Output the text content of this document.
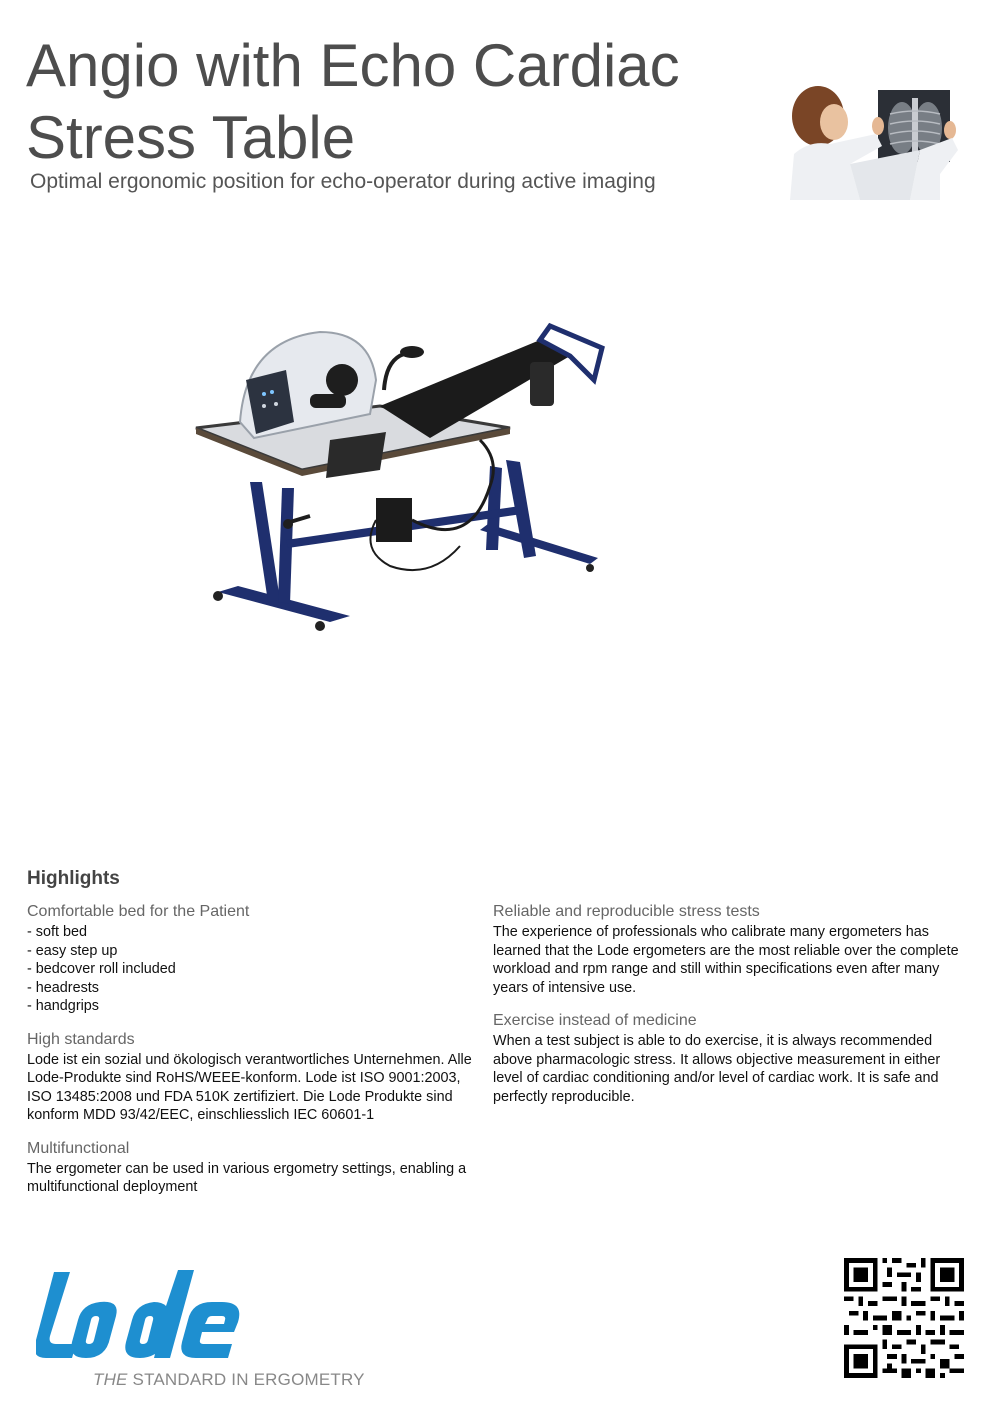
Angio with Echo Cardiac Stress Table
Optimal ergonomic position for echo-operator during active imaging
Highlights

Comfortable bed for the Patient

- soft bed
- easy step up
- bedcover roll included
- headrests
- handgrips

High standards

Lode ist ein sozial und ökologisch verantwortliches Unternehmen. Alle Lode-Produkte sind RoHS/WEEE-konform. Lode ist ISO 9001:2003, ISO 13485:2008 und FDA 510K zertifiziert. Die Lode Produkte sind konform MDD 93/42/EEC, einschliesslich IEC 60601-1

Multifunctional

The ergometer can be used in various ergometry settings, enabling a multifunctional deployment

Reliable and reproducible stress tests

The experience of professionals who calibrate many ergometers has learned that the Lode ergometers are the most reliable over the complete workload and rpm range and still within specifications even after many years of intensive use.

Exercise instead of medicine

When a test subject is able to do exercise, it is always recommended above pharmacologic stress. It allows objective measurement in either level of cardiac conditioning and/or level of cardiac work. It is safe and perfectly reproducible.

THE STANDARD IN ERGOMETRY
